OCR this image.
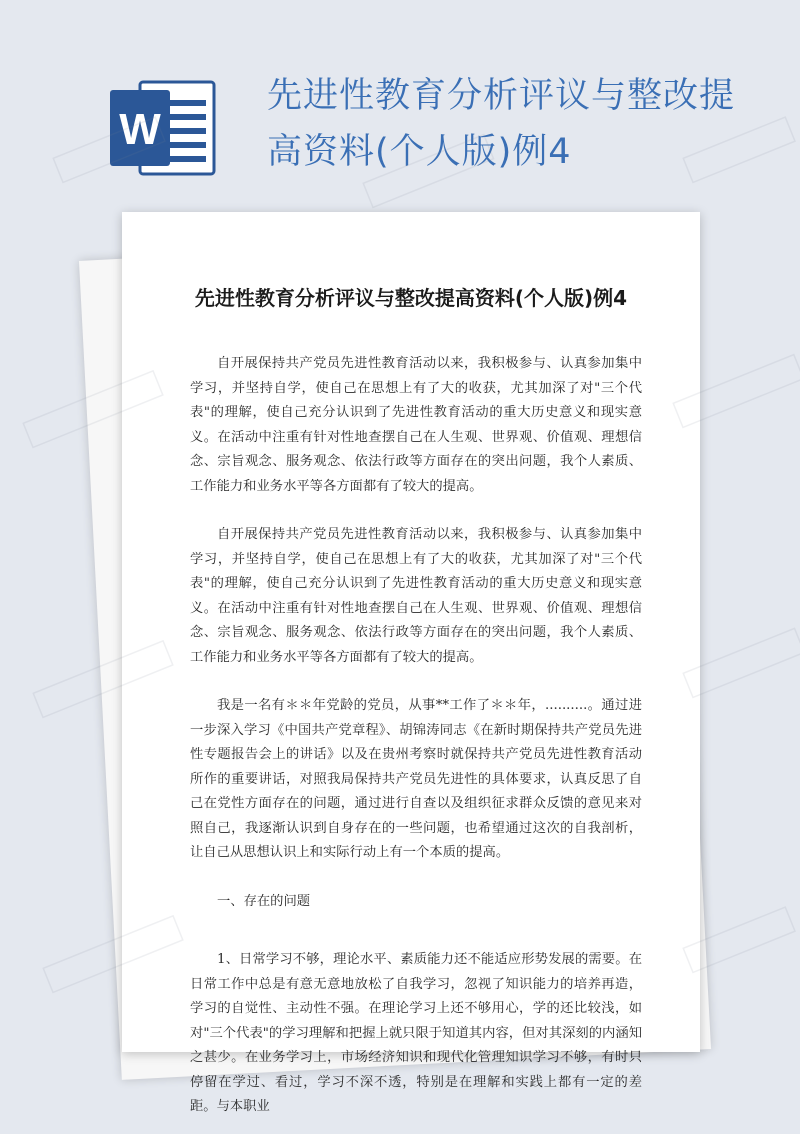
W
先进性教育分析评议与整改提
高资料(个人版)例4
先进性教育分析评议与整改提高资料(个人版)例4

自开展保持共产党员先进性教育活动以来，我积极参与、认真参加集中学习，并坚持自学，使自己在思想上有了大的收获，尤其加深了对"三个代表"的理解，使自己充分认识到了先进性教育活动的重大历史意义和现实意义。在活动中注重有针对性地查摆自己在人生观、世界观、价值观、理想信念、宗旨观念、服务观念、依法行政等方面存在的突出问题，我个人素质、工作能力和业务水平等各方面都有了较大的提高。

自开展保持共产党员先进性教育活动以来，我积极参与、认真参加集中学习，并坚持自学，使自己在思想上有了大的收获，尤其加深了对"三个代表"的理解，使自己充分认识到了先进性教育活动的重大历史意义和现实意义。在活动中注重有针对性地查摆自己在人生观、世界观、价值观、理想信念、宗旨观念、服务观念、依法行政等方面存在的突出问题，我个人素质、工作能力和业务水平等各方面都有了较大的提高。

我是一名有＊＊年党龄的党员，从事**工作了＊＊年，..........。通过进一步深入学习《中国共产党章程》、胡锦涛同志《在新时期保持共产党员先进性专题报告会上的讲话》以及在贵州考察时就保持共产党员先进性教育活动所作的重要讲话，对照我局保持共产党员先进性的具体要求，认真反思了自己在党性方面存在的问题，通过进行自查以及组织征求群众反馈的意见来对照自己，我逐渐认识到自身存在的一些问题，也希望通过这次的自我剖析，让自己从思想认识上和实际行动上有一个本质的提高。

一、存在的问题

1、日常学习不够，理论水平、素质能力还不能适应形势发展的需要。在日常工作中总是有意无意地放松了自我学习，忽视了知识能力的培养再造，学习的自觉性、主动性不强。在理论学习上还不够用心，学的还比较浅，如对"三个代表"的学习理解和把握上就只限于知道其内容，但对其深刻的内涵知之甚少。在业务学习上，市场经济知识和现代化管理知识学习不够，有时只停留在学过、看过，学习不深不透，特别是在理解和实践上都有一定的差距。与本职业
